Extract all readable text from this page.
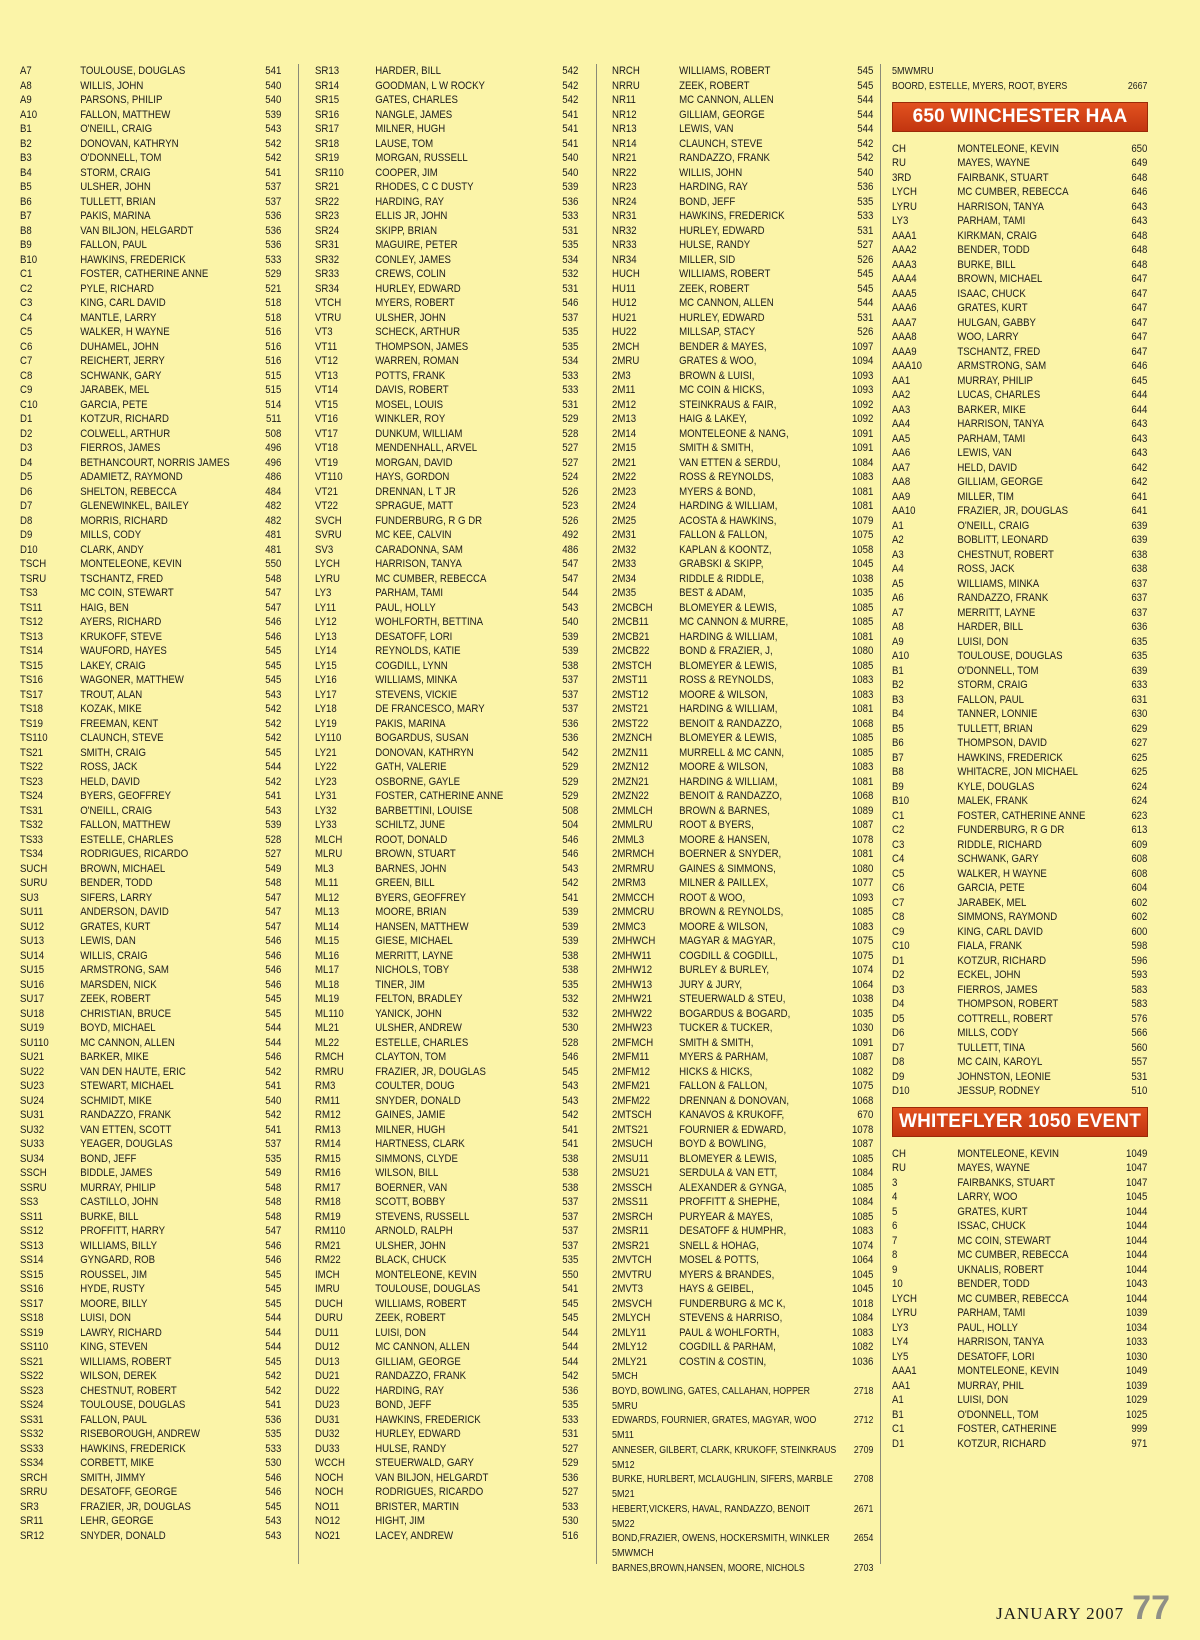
A7	TOULOUSE, DOUGLAS	541
A8	WILLIS, JOHN	540
A9	PARSONS, PHILIP	540
A10	FALLON, MATTHEW	539
B1	O'NEILL, CRAIG	543
B2	DONOVAN, KATHRYN	542
B3	O'DONNELL, TOM	542
B4	STORM, CRAIG	541
B5	ULSHER, JOHN	537
B6	TULLETT, BRIAN	537
B7	PAKIS, MARINA	536
B8	VAN BILJON, HELGARDT	536
B9	FALLON, PAUL	536
B10	HAWKINS, FREDERICK	533
C1	FOSTER, CATHERINE ANNE	529
C2	PYLE, RICHARD	521
C3	KING, CARL DAVID	518
C4	MANTLE, LARRY	518
C5	WALKER, H WAYNE	516
C6	DUHAMEL, JOHN	516
C7	REICHERT, JERRY	516
C8	SCHWANK, GARY	515
C9	JARABEK, MEL	515
C10	GARCIA, PETE	514
D1	KOTZUR, RICHARD	511
D2	COLWELL, ARTHUR	508
D3	FIERROS, JAMES	496
D4	BETHANCOURT, NORRIS JAMES	496
D5	ADAMIETZ, RAYMOND	486
D6	SHELTON, REBECCA	484
D7	GLENEWINKEL, BAILEY	482
D8	MORRIS, RICHARD	482
D9	MILLS, CODY	481
D10	CLARK, ANDY	481
TSCH	MONTELEONE, KEVIN	550
TSRU	TSCHANTZ, FRED	548
TS3	MC COIN, STEWART	547
TS11	HAIG, BEN	547
TS12	AYERS, RICHARD	546
TS13	KRUKOFF, STEVE	546
TS14	WAUFORD, HAYES	545
TS15	LAKEY, CRAIG	545
TS16	WAGONER, MATTHEW	545
TS17	TROUT, ALAN	543
TS18	KOZAK, MIKE	542
TS19	FREEMAN, KENT	542
TS110	CLAUNCH, STEVE	542
TS21	SMITH, CRAIG	545
TS22	ROSS, JACK	544
TS23	HELD, DAVID	542
TS24	BYERS, GEOFFREY	541
TS31	O'NEILL, CRAIG	543
TS32	FALLON, MATTHEW	539
TS33	ESTELLE, CHARLES	528
TS34	RODRIGUES, RICARDO	527
SUCH	BROWN, MICHAEL	549
SURU	BENDER, TODD	548
SU3	SIFERS, LARRY	547
SU11	ANDERSON, DAVID	547
SU12	GRATES, KURT	547
SU13	LEWIS, DAN	546
SU14	WILLIS, CRAIG	546
SU15	ARMSTRONG, SAM	546
SU16	MARSDEN, NICK	546
SU17	ZEEK, ROBERT	545
SU18	CHRISTIAN, BRUCE	545
SU19	BOYD, MICHAEL	544
SU110	MC CANNON, ALLEN	544
SU21	BARKER, MIKE	546
SU22	VAN DEN HAUTE, ERIC	542
SU23	STEWART, MICHAEL	541
SU24	SCHMIDT, MIKE	540
SU31	RANDAZZO, FRANK	542
SU32	VAN ETTEN, SCOTT	541
SU33	YEAGER, DOUGLAS	537
SU34	BOND, JEFF	535
SSCH	BIDDLE, JAMES	549
SSRU	MURRAY, PHILIP	548
SS3	CASTILLO, JOHN	548
SS11	BURKE, BILL	548
SS12	PROFFITT, HARRY	547
SS13	WILLIAMS, BILLY	546
SS14	GYNGARD, ROB	546
SS15	ROUSSEL, JIM	545
SS16	HYDE, RUSTY	545
SS17	MOORE, BILLY	545
SS18	LUISI, DON	544
SS19	LAWRY, RICHARD	544
SS110	KING, STEVEN	544
SS21	WILLIAMS, ROBERT	545
SS22	WILSON, DEREK	542
SS23	CHESTNUT, ROBERT	542
SS24	TOULOUSE, DOUGLAS	541
SS31	FALLON, PAUL	536
SS32	RISEBOROUGH, ANDREW	535
SS33	HAWKINS, FREDERICK	533
SS34	CORBETT, MIKE	530
SRCH	SMITH, JIMMY	546
SRRU	DESATOFF, GEORGE	546
SR3	FRAZIER, JR, DOUGLAS	545
SR11	LEHR, GEORGE	543
SR12	SNYDER, DONALD	543
SR13	HARDER, BILL	542
SR14	GOODMAN, L W ROCKY	542
SR15	GATES, CHARLES	542
SR16	NANGLE, JAMES	541
SR17	MILNER, HUGH	541
SR18	LAUSE, TOM	541
SR19	MORGAN, RUSSELL	540
SR110	COOPER, JIM	540
SR21	RHODES, C C DUSTY	539
SR22	HARDING, RAY	536
SR23	ELLIS JR, JOHN	533
SR24	SKIPP, BRIAN	531
SR31	MAGUIRE, PETER	535
SR32	CONLEY, JAMES	534
SR33	CREWS, COLIN	532
SR34	HURLEY, EDWARD	531
VTCH	MYERS, ROBERT	546
VTRU	ULSHER, JOHN	537
VT3	SCHECK, ARTHUR	535
VT11	THOMPSON, JAMES	535
VT12	WARREN, ROMAN	534
VT13	POTTS, FRANK	533
VT14	DAVIS, ROBERT	533
VT15	MOSEL, LOUIS	531
VT16	WINKLER, ROY	529
VT17	DUNKUM, WILLIAM	528
VT18	MENDENHALL, ARVEL	527
VT19	MORGAN, DAVID	527
VT110	HAYS, GORDON	524
VT21	DRENNAN, L T JR	526
VT22	SPRAGUE, MATT	523
SVCH	FUNDERBURG, R G DR	526
SVRU	MC KEE, CALVIN	492
SV3	CARADONNA, SAM	486
LYCH	HARRISON, TANYA	547
LYRU	MC CUMBER, REBECCA	547
LY3	PARHAM, TAMI	544
LY11	PAUL, HOLLY	543
LY12	WOHLFORTH, BETTINA	540
LY13	DESATOFF, LORI	539
LY14	REYNOLDS, KATIE	539
LY15	COGDILL, LYNN	538
LY16	WILLIAMS, MINKA	537
LY17	STEVENS, VICKIE	537
LY18	DE FRANCESCO, MARY	537
LY19	PAKIS, MARINA	536
LY110	BOGARDUS, SUSAN	536
LY21	DONOVAN, KATHRYN	542
LY22	GATH, VALERIE	529
LY23	OSBORNE, GAYLE	529
LY31	FOSTER, CATHERINE ANNE	529
LY32	BARBETTINI, LOUISE	508
LY33	SCHILTZ, JUNE	504
MLCH	ROOT, DONALD	546
MLRU	BROWN, STUART	546
ML3	BARNES, JOHN	543
ML11	GREEN, BILL	542
ML12	BYERS, GEOFFREY	541
ML13	MOORE, BRIAN	539
ML14	HANSEN, MATTHEW	539
ML15	GIESE, MICHAEL	539
ML16	MERRITT, LAYNE	538
ML17	NICHOLS, TOBY	538
ML18	TINER, JIM	535
ML19	FELTON, BRADLEY	532
ML110	YANICK, JOHN	532
ML21	ULSHER, ANDREW	530
ML22	ESTELLE, CHARLES	528
RMCH	CLAYTON, TOM	546
RMRU	FRAZIER, JR, DOUGLAS	545
RM3	COULTER, DOUG	543
RM11	SNYDER, DONALD	543
RM12	GAINES, JAMIE	542
RM13	MILNER, HUGH	541
RM14	HARTNESS, CLARK	541
RM15	SIMMONS, CLYDE	538
RM16	WILSON, BILL	538
RM17	BOERNER, VAN	538
RM18	SCOTT, BOBBY	537
RM19	STEVENS, RUSSELL	537
RM110	ARNOLD, RALPH	537
RM21	ULSHER, JOHN	537
RM22	BLACK, CHUCK	535
IMCH	MONTELEONE, KEVIN	550
IMRU	TOULOUSE, DOUGLAS	541
DUCH	WILLIAMS, ROBERT	545
DURU	ZEEK, ROBERT	545
DU11	LUISI, DON	544
DU12	MC CANNON, ALLEN	544
DU13	GILLIAM, GEORGE	544
DU21	RANDAZZO, FRANK	542
DU22	HARDING, RAY	536
DU23	BOND, JEFF	535
DU31	HAWKINS, FREDERICK	533
DU32	HURLEY, EDWARD	531
DU33	HULSE, RANDY	527
WCCH	STEUERWALD, GARY	529
NOCH	VAN BILJON, HELGARDT	536
NOCH	RODRIGUES, RICARDO	527
NO11	BRISTER, MARTIN	533
NO12	HIGHT, JIM	530
NO21	LACEY, ANDREW	516
NRCH	WILLIAMS, ROBERT	545
NRRU	ZEEK, ROBERT	545
NR11	MC CANNON, ALLEN	544
NR12	GILLIAM, GEORGE	544
NR13	LEWIS, VAN	544
NR14	CLAUNCH, STEVE	542
NR21	RANDAZZO, FRANK	542
NR22	WILLIS, JOHN	540
NR23	HARDING, RAY	536
NR24	BOND, JEFF	535
NR31	HAWKINS, FREDERICK	533
NR32	HURLEY, EDWARD	531
NR33	HULSE, RANDY	527
NR34	MILLER, SID	526
HUCH	WILLIAMS, ROBERT	545
HU11	ZEEK, ROBERT	545
HU12	MC CANNON, ALLEN	544
HU21	HURLEY, EDWARD	531
HU22	MILLSAP, STACY	526
2MCH	BENDER & MAYES,	1097
2MRU	GRATES & WOO,	1094
2M3	BROWN & LUISI,	1093
2M11	MC COIN & HICKS,	1093
2M12	STEINKRAUS & FAIR,	1092
2M13	HAIG & LAKEY,	1092
2M14	MONTELEONE & NANG,	1091
2M15	SMITH & SMITH,	1091
2M21	VAN ETTEN & SERDU,	1084
2M22	ROSS & REYNOLDS,	1083
2M23	MYERS & BOND,	1081
2M24	HARDING & WILLIAM,	1081
2M25	ACOSTA & HAWKINS,	1079
2M31	FALLON & FALLON,	1075
2M32	KAPLAN & KOONTZ,	1058
2M33	GRABSKI & SKIPP,	1045
2M34	RIDDLE & RIDDLE,	1038
2M35	BEST & ADAM,	1035
2MCBCH	BLOMEYER & LEWIS,	1085
2MCB11	MC CANNON & MURRE,	1085
2MCB21	HARDING & WILLIAM,	1081
2MCB22	BOND & FRAZIER, J,	1080
2MSTCH	BLOMEYER & LEWIS,	1085
2MST11	ROSS & REYNOLDS,	1083
2MST12	MOORE & WILSON,	1083
2MST21	HARDING & WILLIAM,	1081
2MST22	BENOIT & RANDAZZO,	1068
2MZNCH	BLOMEYER & LEWIS,	1085
2MZN11	MURRELL & MC CANN,	1085
2MZN12	MOORE & WILSON,	1083
2MZN21	HARDING & WILLIAM,	1081
2MZN22	BENOIT & RANDAZZO,	1068
2MMLCH	BROWN & BARNES,	1089
2MMLRU	ROOT & BYERS,	1087
2MML3	MOORE & HANSEN,	1078
2MRMCH	BOERNER & SNYDER,	1081
2MRMRU	GAINES & SIMMONS,	1080
2MRM3	MILNER & PAILLEX,	1077
2MMCCH	ROOT & WOO,	1093
2MMCRU	BROWN & REYNOLDS,	1085
2MMC3	MOORE & WILSON,	1083
2MHWCH	MAGYAR & MAGYAR,	1075
2MHW11	COGDILL & COGDILL,	1075
2MHW12	BURLEY & BURLEY,	1074
2MHW13	JURY & JURY,	1064
2MHW21	STEUERWALD & STEU,	1038
2MHW22	BOGARDUS & BOGARD,	1035
2MHW23	TUCKER & TUCKER,	1030
2MFMCH	SMITH & SMITH,	1091
2MFM11	MYERS & PARHAM,	1087
2MFM12	HICKS & HICKS,	1082
2MFM21	FALLON & FALLON,	1075
2MFM22	DRENNAN & DONOVAN,	1068
2MTSCH	KANAVOS & KRUKOFF,	670
2MTS21	FOURNIER & EDWARD,	1078
2MSUCH	BOYD & BOWLING,	1087
2MSU11	BLOMEYER & LEWIS,	1085
2MSU21	SERDULA & VAN ETT,	1084
2MSSCH	ALEXANDER & GYNGA,	1085
2MSS11	PROFFITT & SHEPHE,	1084
2MSRCH	PURYEAR & MAYES,	1085
2MSR11	DESATOFF & HUMPHR,	1083
2MSR21	SNELL & HOHAG,	1074
2MVTCH	MOSEL & POTTS,	1064
2MVTRU	MYERS & BRANDES,	1045
2MVT3	HAYS & GEIBEL,	1045
2MSVCH	FUNDERBURG & MC K,	1018
2MLYCH	STEVENS & HARRISO,	1084
2MLY11	PAUL & WOHLFORTH,	1083
2MLY12	COGDILL & PARHAM,	1082
2MLY21	COSTIN & COSTIN,	1036
5MCH
BOYD, BOWLING, GATES, CALLAHAN, HOPPER	2718
5MRU
EDWARDS, FOURNIER, GRATES, MAGYAR, WOO	2712
5M11
ANNESER, GILBERT, CLARK, KRUKOFF, STEINKRAUS	2709
5M12
BURKE, HURLBERT, MCLAUGHLIN, SIFERS, MARBLE	2708
5M21
HEBERT,VICKERS, HAVAL, RANDAZZO, BENOIT	2671
5M22
BOND,FRAZIER, OWENS, HOCKERSMITH, WINKLER	2654
5MWMCH
BARNES,BROWN,HANSEN, MOORE, NICHOLS	2703
5MWMRU
BOORD, ESTELLE, MYERS, ROOT, BYERS	2667
650 WINCHESTER HAA
CH	MONTELEONE, KEVIN	650
RU	MAYES, WAYNE	649
3RD	FAIRBANK, STUART	648
LYCH	MC CUMBER, REBECCA	646
LYRU	HARRISON, TANYA	643
LY3	PARHAM, TAMI	643
AAA1	KIRKMAN, CRAIG	648
AAA2	BENDER, TODD	648
AAA3	BURKE, BILL	648
AAA4	BROWN, MICHAEL	647
AAA5	ISAAC, CHUCK	647
AAA6	GRATES, KURT	647
AAA7	HULGAN, GABBY	647
AAA8	WOO, LARRY	647
AAA9	TSCHANTZ, FRED	647
AAA10	ARMSTRONG, SAM	646
AA1	MURRAY, PHILIP	645
AA2	LUCAS, CHARLES	644
AA3	BARKER, MIKE	644
AA4	HARRISON, TANYA	643
AA5	PARHAM, TAMI	643
AA6	LEWIS, VAN	643
AA7	HELD, DAVID	642
AA8	GILLIAM, GEORGE	642
AA9	MILLER, TIM	641
AA10	FRAZIER, JR, DOUGLAS	641
A1	O'NEILL, CRAIG	639
A2	BOBLITT, LEONARD	639
A3	CHESTNUT, ROBERT	638
A4	ROSS, JACK	638
A5	WILLIAMS, MINKA	637
A6	RANDAZZO, FRANK	637
A7	MERRITT, LAYNE	637
A8	HARDER, BILL	636
A9	LUISI, DON	635
A10	TOULOUSE, DOUGLAS	635
B1	O'DONNELL, TOM	639
B2	STORM, CRAIG	633
B3	FALLON, PAUL	631
B4	TANNER, LONNIE	630
B5	TULLETT, BRIAN	629
B6	THOMPSON, DAVID	627
B7	HAWKINS, FREDERICK	625
B8	WHITACRE, JON MICHAEL	625
B9	KYLE, DOUGLAS	624
B10	MALEK, FRANK	624
C1	FOSTER, CATHERINE ANNE	623
C2	FUNDERBURG, R G DR	613
C3	RIDDLE, RICHARD	609
C4	SCHWANK, GARY	608
C5	WALKER, H WAYNE	608
C6	GARCIA, PETE	604
C7	JARABEK, MEL	602
C8	SIMMONS, RAYMOND	602
C9	KING, CARL DAVID	600
C10	FIALA, FRANK	598
D1	KOTZUR, RICHARD	596
D2	ECKEL, JOHN	593
D3	FIERROS, JAMES	583
D4	THOMPSON, ROBERT	583
D5	COTTRELL, ROBERT	576
D6	MILLS, CODY	566
D7	TULLETT, TINA	560
D8	MC CAIN, KAROYL	557
D9	JOHNSTON, LEONIE	531
D10	JESSUP, RODNEY	510
WHITEFLYER 1050 EVENT
CH	MONTELEONE, KEVIN	1049
RU	MAYES, WAYNE	1047
3	FAIRBANKS, STUART	1047
4	LARRY, WOO	1045
5	GRATES, KURT	1044
6	ISSAC, CHUCK	1044
7	MC COIN, STEWART	1044
8	MC CUMBER, REBECCA	1044
9	UKNALIS, ROBERT	1044
10	BENDER, TODD	1043
LYCH	MC CUMBER, REBECCA	1044
LYRU	PARHAM, TAMI	1039
LY3	PAUL, HOLLY	1034
LY4	HARRISON, TANYA	1033
LY5	DESATOFF, LORI	1030
AAA1	MONTELEONE, KEVIN	1049
AA1	MURRAY, PHIL	1039
A1	LUISI, DON	1029
B1	O'DONNELL, TOM	1025
C1	FOSTER, CATHERINE	999
D1	KOTZUR, RICHARD	971
JANUARY 2007 77
